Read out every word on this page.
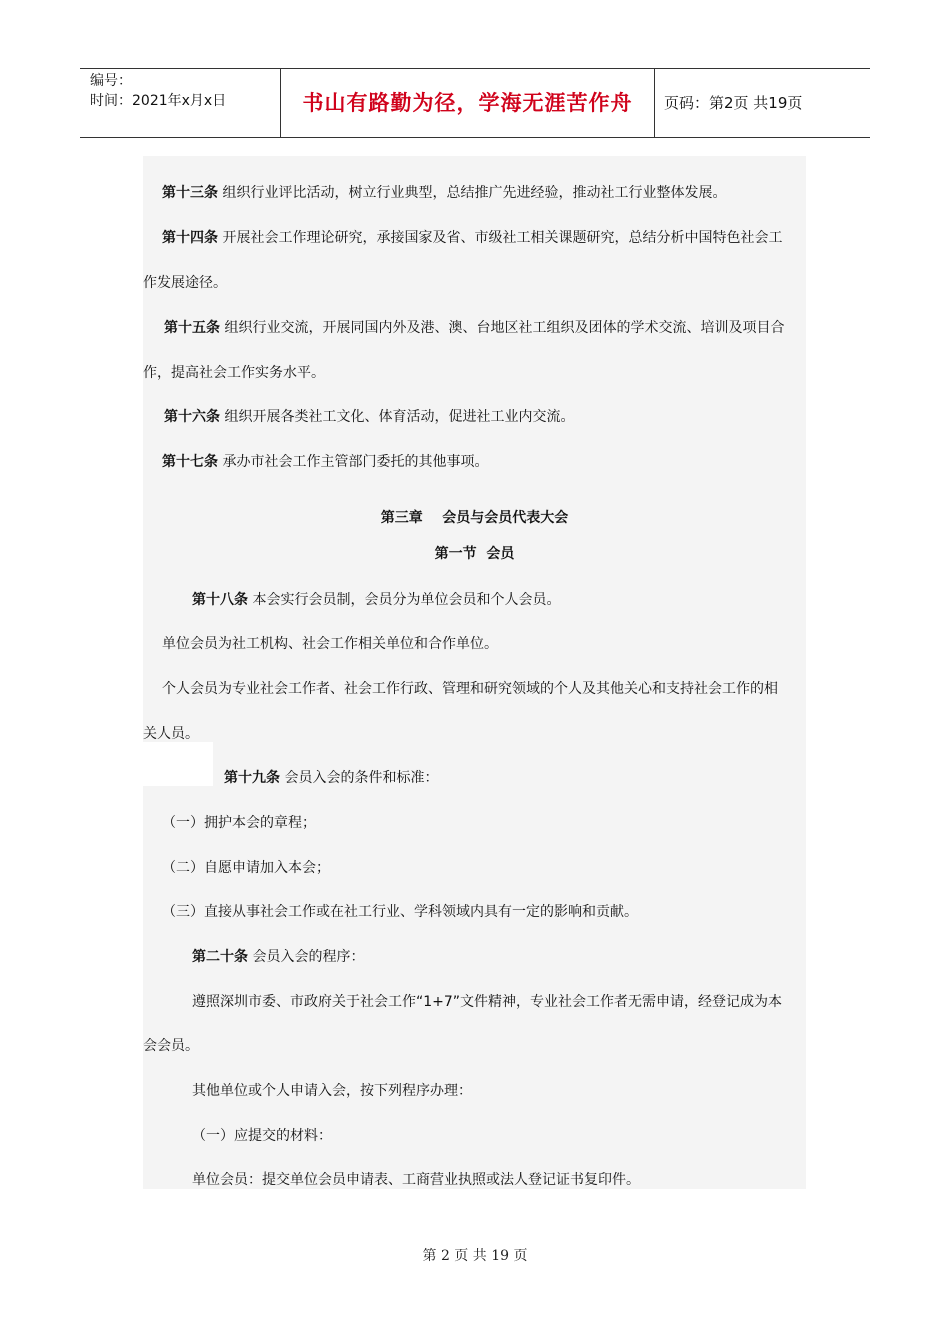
编号：
时间：2021年x月x日	书山有路勤为径，学海无涯苦作舟	页码：第2页 共19页
第十三条 组织行业评比活动，树立行业典型，总结推广先进经验，推动社工行业整体发展。
第十四条 开展社会工作理论研究，承接国家及省、市级社工相关课题研究，总结分析中国特色社会工
作发展途径。
第十五条 组织行业交流，开展同国内外及港、澳、台地区社工组织及团体的学术交流、培训及项目合
作，提高社会工作实务水平。
第十六条 组织开展各类社工文化、体育活动，促进社工业内交流。
第十七条 承办市社会工作主管部门委托的其他事项。
第三章    会员与会员代表大会
第一节  会员
第十八条 本会实行会员制，会员分为单位会员和个人会员。
单位会员为社工机构、社会工作相关单位和合作单位。
个人会员为专业社会工作者、社会工作行政、管理和研究领域的个人及其他关心和支持社会工作的相
关人员。
第十九条 会员入会的条件和标准：
（一）拥护本会的章程；
（二）自愿申请加入本会；
（三）直接从事社会工作或在社工行业、学科领域内具有一定的影响和贡献。
第二十条 会员入会的程序：
遵照深圳市委、市政府关于社会工作“1+7”文件精神，专业社会工作者无需申请，经登记成为本
会会员。
其他单位或个人申请入会，按下列程序办理：
（一）应提交的材料：
单位会员：提交单位会员申请表、工商营业执照或法人登记证书复印件。
第 2 页 共 19 页
